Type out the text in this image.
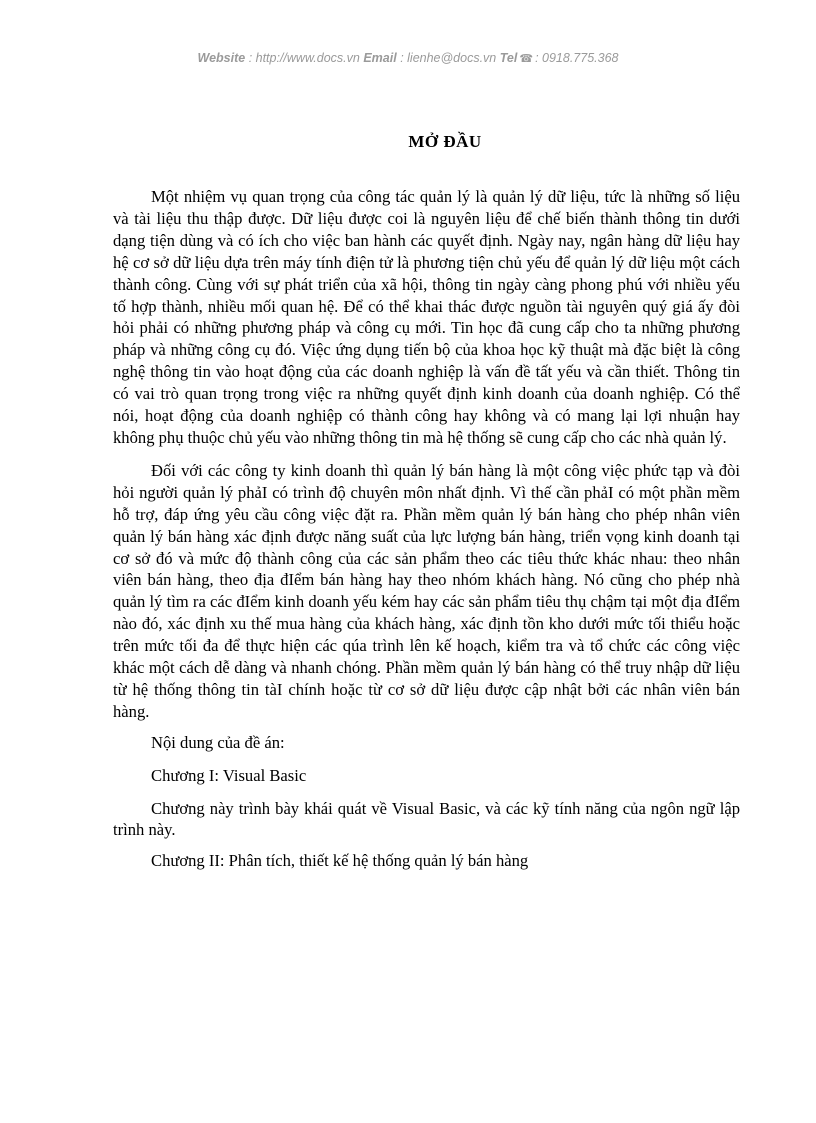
Website : http://www.docs.vn Email : lienhe@docs.vn Tel ☎ : 0918.775.368
MỞ ĐẦU

Một nhiệm vụ quan trọng của công tác quản lý là quản lý dữ liệu, tức là những số liệu và tài liệu thu thập được. Dữ liệu được coi là nguyên liệu để chế biến thành thông tin dưới dạng tiện dùng và có ích cho việc ban hành các quyết định. Ngày nay, ngân hàng dữ liệu hay hệ cơ sở dữ liệu dựa trên máy tính điện tử là phương tiện chủ yếu để quản lý dữ liệu một cách thành công. Cùng với sự phát triển của xã hội, thông tin ngày càng phong phú với nhiều yếu tố hợp thành, nhiều mối quan hệ. Để có thể khai thác được nguồn tài nguyên quý giá ấy đòi hỏi phải có những phương pháp và công cụ mới. Tin học đã cung cấp cho ta những phương pháp và những công cụ đó. Việc ứng dụng tiến bộ của khoa học kỹ thuật mà đặc biệt là công nghệ thông tin vào hoạt động của các doanh nghiệp là vấn đề tất yếu và cần thiết. Thông tin có vai trò quan trọng trong việc ra những quyết định kinh doanh của doanh nghiệp. Có thể nói, hoạt động của doanh nghiệp có thành công hay không và có mang lại lợi nhuận hay không phụ thuộc chủ yếu vào những thông tin mà hệ thống sẽ cung cấp cho các nhà quản lý.

Đối với các công ty kinh doanh thì quản lý bán hàng là một công việc phức tạp và đòi hỏi người quản lý phảI có trình độ chuyên môn nhất định. Vì thế cần phảI có một phần mềm hỗ trợ, đáp ứng yêu cầu công việc đặt ra. Phần mềm quản lý bán hàng cho phép nhân viên quản lý bán hàng xác định được năng suất của lực lượng bán hàng, triển vọng kinh doanh tại cơ sở đó và mức độ thành công của các sản phẩm theo các tiêu thức khác nhau: theo nhân viên bán hàng, theo địa đIểm bán hàng hay theo nhóm khách hàng. Nó cũng cho phép nhà quản lý tìm ra các đIểm kinh doanh yếu kém hay các sản phẩm tiêu thụ chậm tại một địa đIểm nào đó, xác định xu thế mua hàng của khách hàng, xác định tồn kho dưới mức tối thiểu hoặc trên mức tối đa để thực hiện các qúa trình lên kế hoạch, kiểm tra và tổ chức các công việc khác một cách dễ dàng và nhanh chóng. Phần mềm quản lý bán hàng có thể truy nhập dữ liệu từ hệ thống thông tin tàI chính hoặc từ cơ sở dữ liệu được cập nhật bởi các nhân viên bán hàng.

Nội dung của đề án:

Chương I: Visual Basic

Chương này trình bày khái quát về Visual Basic, và các kỹ tính năng của ngôn ngữ lập trình này.

Chương II: Phân tích, thiết kế hệ thống quản lý bán hàng
